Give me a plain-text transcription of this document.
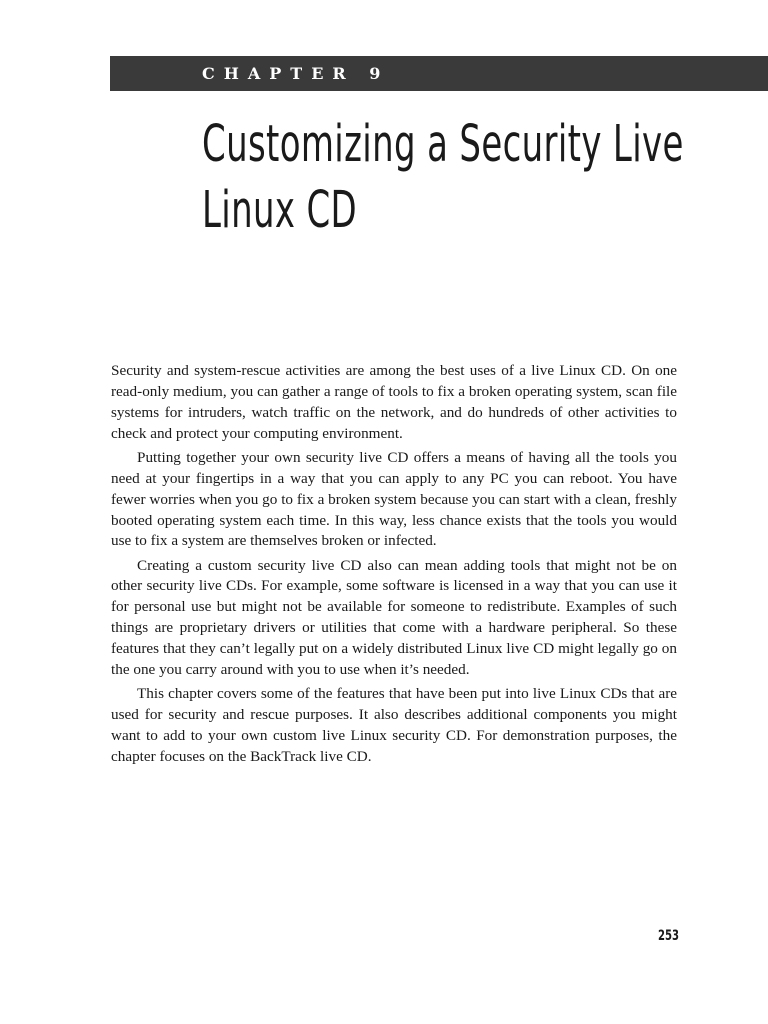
CHAPTER 9
Customizing a Security Live
Linux CD

Security and system-rescue activities are among the best uses of a live Linux CD. On one read-only medium, you can gather a range of tools to fix a broken operating system, scan file systems for intruders, watch traffic on the network, and do hundreds of other activities to check and protect your computing environment.

Putting together your own security live CD offers a means of having all the tools you need at your fingertips in a way that you can apply to any PC you can reboot. You have fewer worries when you go to fix a broken system because you can start with a clean, freshly booted operating system each time. In this way, less chance exists that the tools you would use to fix a system are themselves broken or infected.

Creating a custom security live CD also can mean adding tools that might not be on other security live CDs. For example, some software is licensed in a way that you can use it for personal use but might not be available for someone to redistribute. Examples of such things are proprietary drivers or utilities that come with a hardware peripheral. So these features that they can’t legally put on a widely distributed Linux live CD might legally go on the one you carry around with you to use when it’s needed.

This chapter covers some of the features that have been put into live Linux CDs that are used for security and rescue purposes. It also describes additional components you might want to add to your own custom live Linux security CD. For demonstration purposes, the chapter focuses on the BackTrack live CD.

253
